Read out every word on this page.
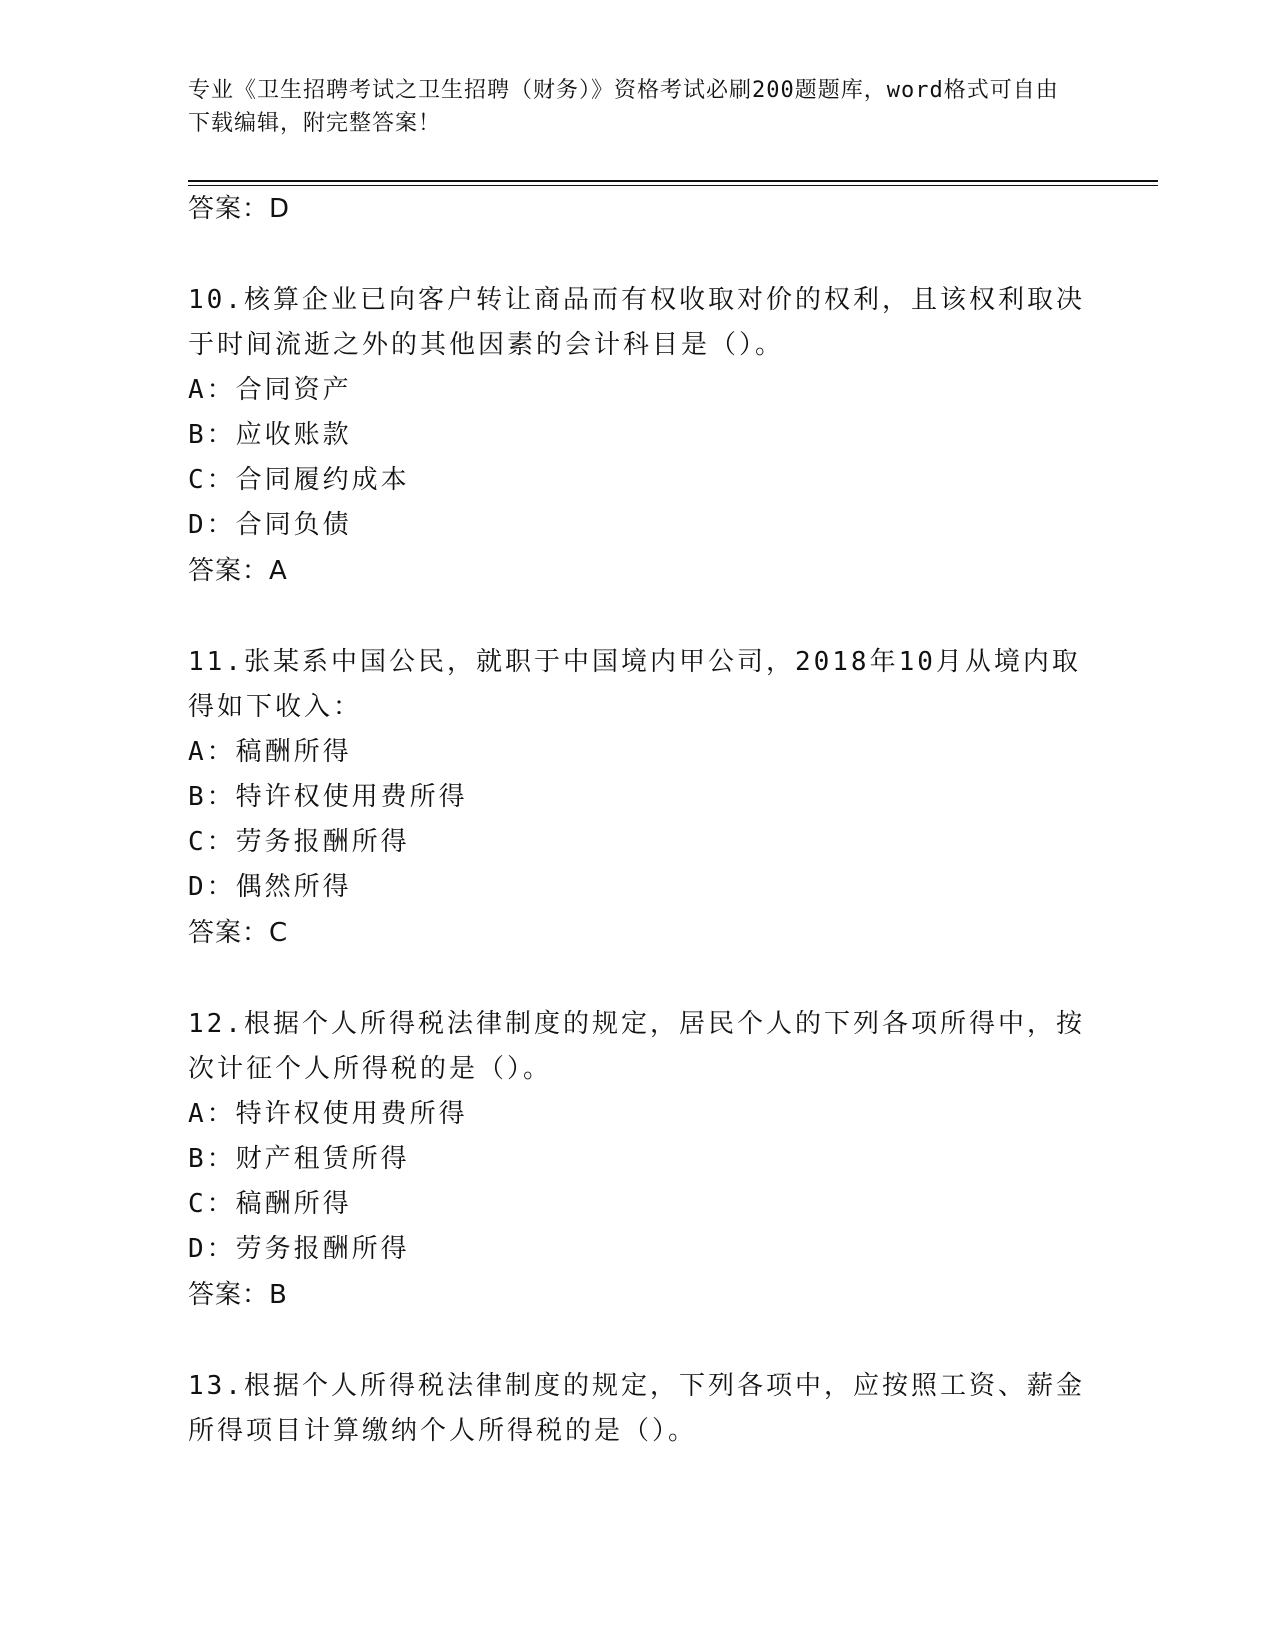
专业《卫生招聘考试之卫生招聘（财务）》资格考试必刷200题题库，word格式可自由下载编辑，附完整答案！
答案：D
10.核算企业已向客户转让商品而有权收取对价的权利，且该权利取决于时间流逝之外的其他因素的会计科目是（）。
A：合同资产
B：应收账款
C：合同履约成本
D：合同负债
答案：A
11.张某系中国公民，就职于中国境内甲公司，2018年10月从境内取得如下收入：
A：稿酬所得
B：特许权使用费所得
C：劳务报酬所得
D：偶然所得
答案：C
12.根据个人所得税法律制度的规定，居民个人的下列各项所得中，按次计征个人所得税的是（）。
A：特许权使用费所得
B：财产租赁所得
C：稿酬所得
D：劳务报酬所得
答案：B
13.根据个人所得税法律制度的规定，下列各项中，应按照工资、薪金所得项目计算缴纳个人所得税的是（）。
